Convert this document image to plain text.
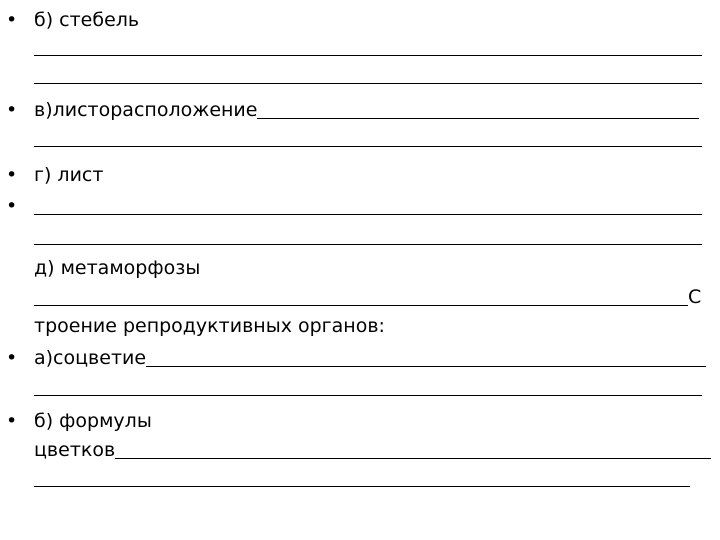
• б) стебель
• в)листорасположение
• г) лист
•
д) метаморфозы
С
троение репродуктивных органов:
• а)соцветие
• б) формулы
цветков
